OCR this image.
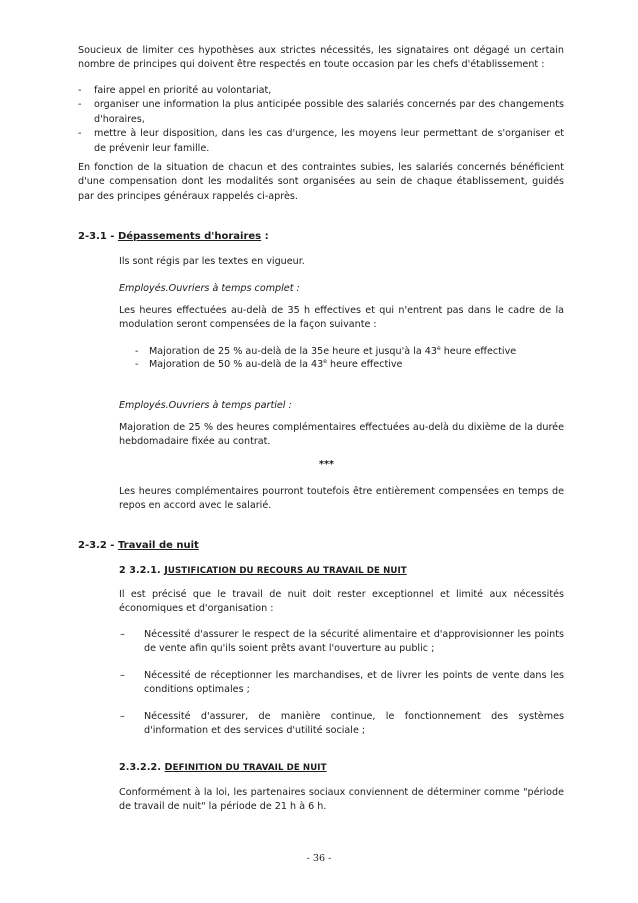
Soucieux de limiter ces hypothèses aux strictes nécessités, les signataires ont dégagé un certain nombre de principes qui doivent être respectés en toute occasion par les chefs d'établissement :

- faire appel en priorité au volontariat,
- organiser une information la plus anticipée possible des salariés concernés par des changements d'horaires,
- mettre à leur disposition, dans les cas d'urgence, les moyens leur permettant de s'organiser et de prévenir leur famille.

En fonction de la situation de chacun et des contraintes subies, les salariés concernés bénéficient d'une compensation dont les modalités sont organisées au sein de chaque établissement, guidés par des principes généraux rappelés ci-après.

2-3.1 - Dépassements d'horaires :

Ils sont régis par les textes en vigueur.

Employés.Ouvriers à temps complet :

Les heures effectuées au-delà de 35 h effectives et qui n'entrent pas dans le cadre de la modulation seront compensées de la façon suivante :

- Majoration de 25 % au-delà de la 35e heure et jusqu'à la 43e heure effective
- Majoration de 50 % au-delà de la 43e heure effective

Employés.Ouvriers à temps partiel :

Majoration de 25 % des heures complémentaires effectuées au-delà du dixième de la durée hebdomadaire fixée au contrat.

***

Les heures complémentaires pourront toutefois être entièrement compensées en temps de repos en accord avec le salarié.

2-3.2 - Travail de nuit
2 3.2.1. JUSTIFICATION DU RECOURS AU TRAVAIL DE NUIT

Il est précisé que le travail de nuit doit rester exceptionnel et limité aux nécessités économiques et d'organisation :

– Nécessité d'assurer le respect de la sécurité alimentaire et d'approvisionner les points de vente afin qu'ils soient prêts avant l'ouverture au public ;
– Nécessité de réceptionner les marchandises, et de livrer les points de vente dans les conditions optimales ;
– Nécessité d'assurer, de manière continue, le fonctionnement des systèmes d'information et des services d'utilité sociale ;
2.3.2.2. DEFINITION DU TRAVAIL DE NUIT

Conformément à la loi, les partenaires sociaux conviennent de déterminer comme "période de travail de nuit" la période de 21 h à 6 h.

- 36 -
